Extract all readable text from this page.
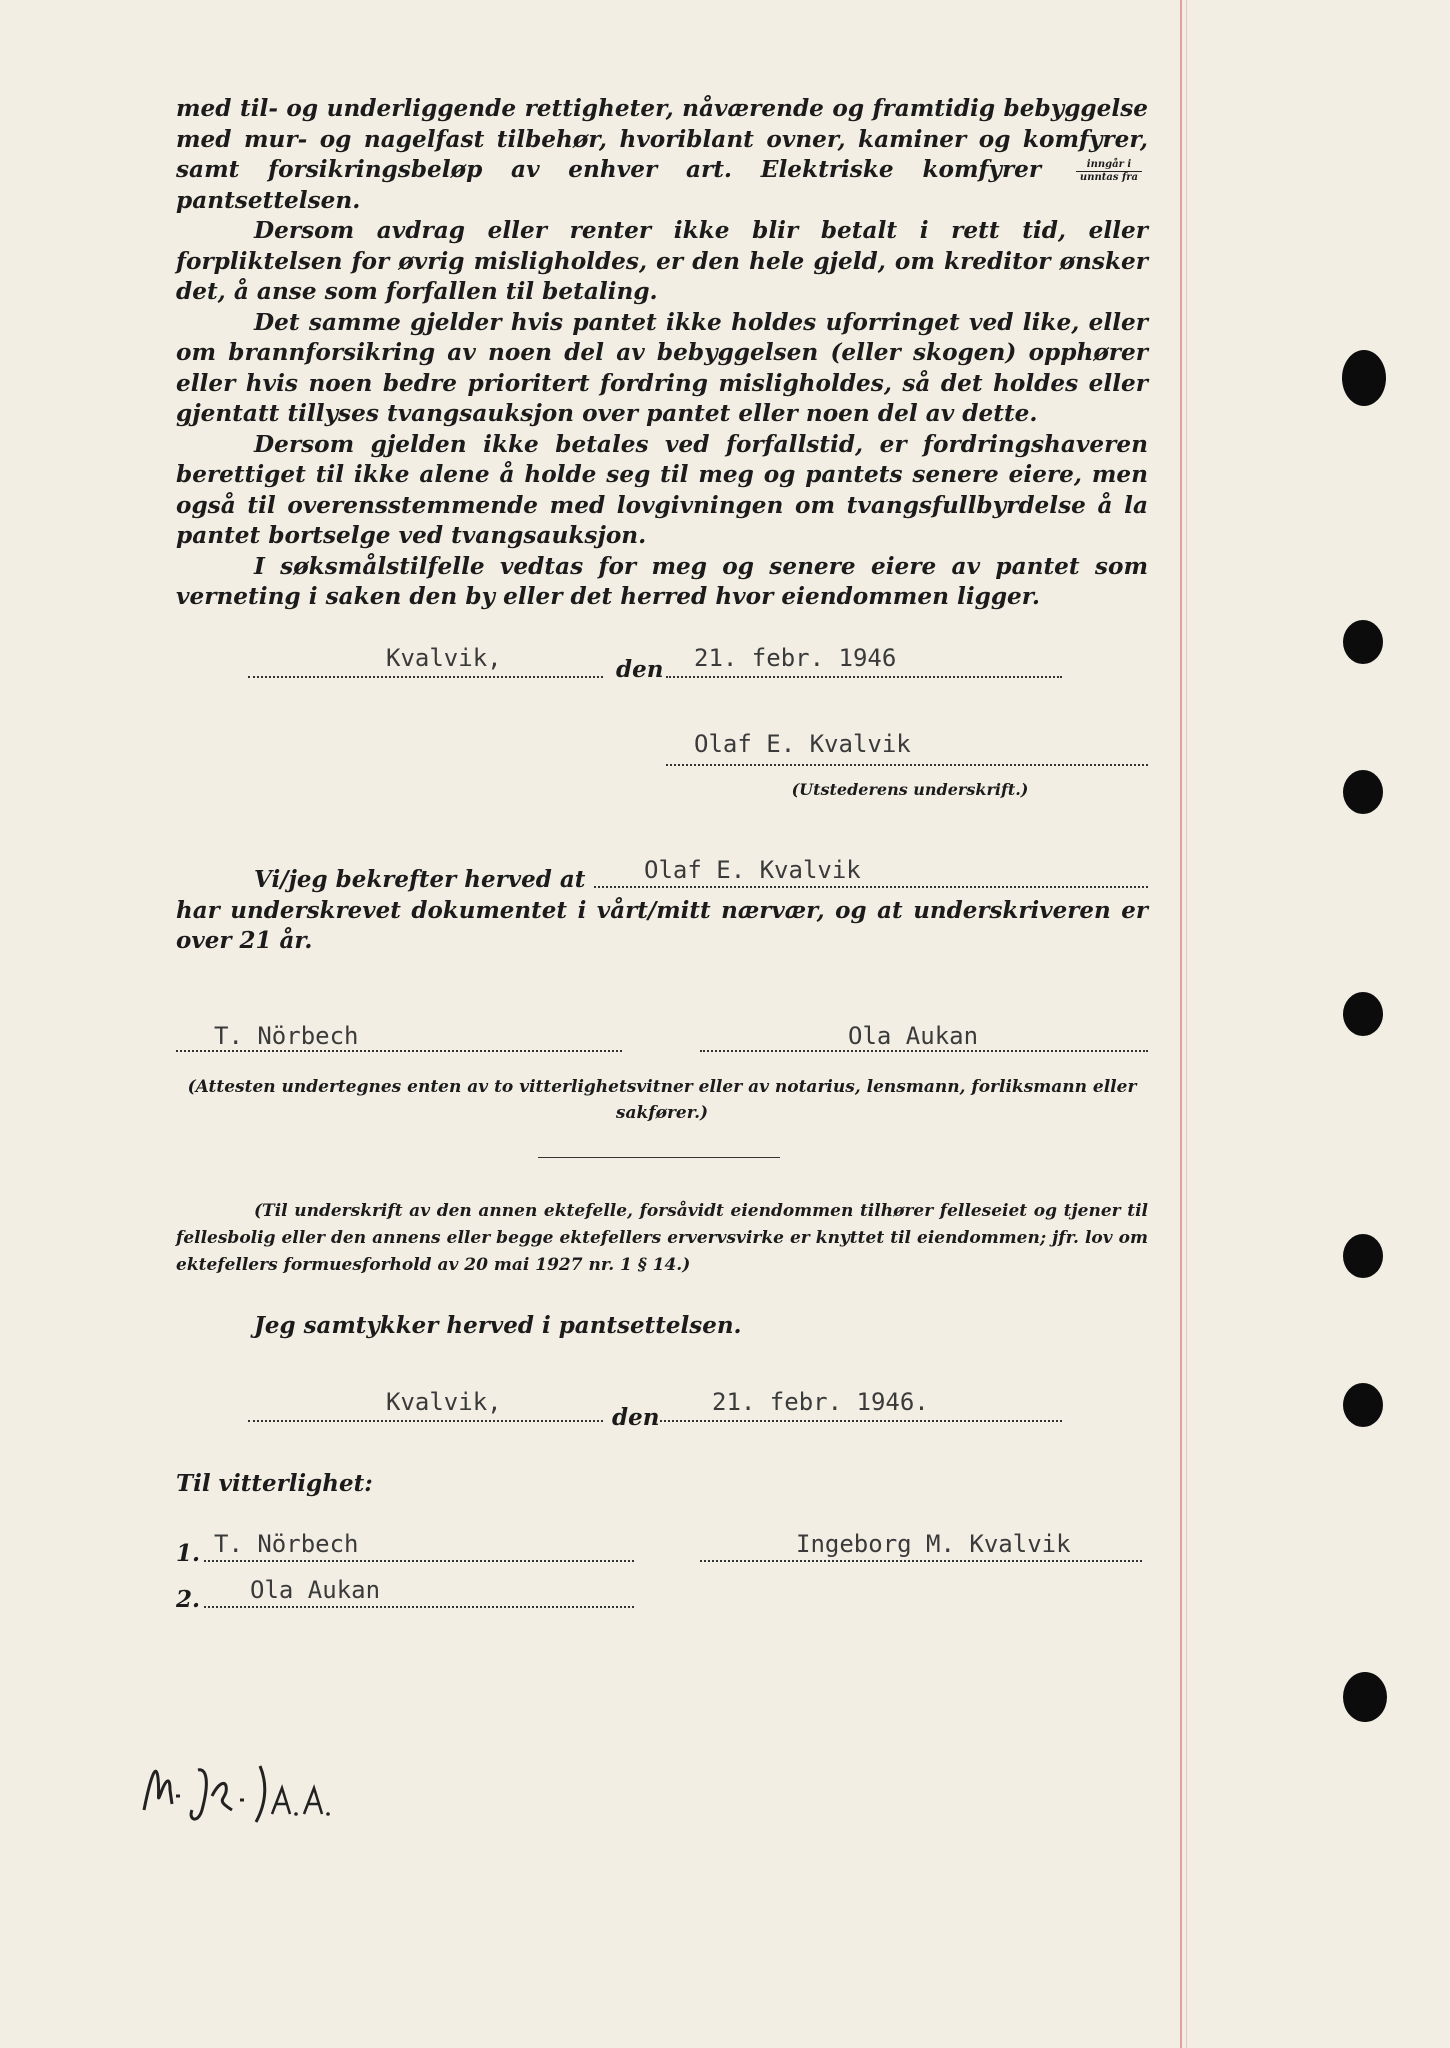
med til- og underliggende rettigheter, nåværende og framtidig bebyggelse med mur- og nagelfast tilbehør, hvoriblant ovner, kaminer og komfyrer, samt forsikringsbeløp av enhver art. Elektriske komfyrer	$\frac{\text{inngår i}}{\text{unntas fra}}$
pantsettelsen.

Dersom avdrag eller renter ikke blir betalt i rett tid, eller forpliktelsen for øvrig misligholdes, er den hele gjeld, om kreditor ønsker det, å anse som forfallen til betaling.

Det samme gjelder hvis pantet ikke holdes uforringet ved like, eller om brannforsikring av noen del av bebyggelsen (eller skogen) opphører eller hvis noen bedre prioritert fordring misligholdes, så det holdes eller gjentatt tillyses tvangsauksjon over pantet eller noen del av dette.

Dersom gjelden ikke betales ved forfallstid, er fordringshaveren berettiget til ikke alene å holde seg til meg og pantets senere eiere, men også til overensstemmende med lovgivningen om tvangsfullbyrdelse å la pantet bortselge ved tvangsauksjon.

I søksmålstilfelle vedtas for meg og senere eiere av pantet som verneting i saken den by eller det herred hvor eiendommen ligger.

Kvalvik,	den 21. febr. 1946
Olaf E. Kvalvik
(Utstederens underskrift.)
Vi/jeg bekrefter herved at Olaf E. Kvalvik
har underskrevet dokumentet i vårt/mitt nærvær, og at underskriveren er over 21 år.
T. Nörbech	Ola Aukan
(Attesten undertegnes enten av to vitterlighetsvitner eller av notarius, lensmann, forliksmann eller sakfører.)

(Til underskrift av den annen ektefelle, forsåvidt eiendommen tilhører felleseiet og tjener til fellesbolig eller den annens eller begge ektefellers ervervsvirke er knyttet til eiendommen; jfr. lov om ektefellers formuesforhold av 20 mai 1927 nr. 1 § 14.)

Jeg samtykker herved i pantsettelsen.
Kvalvik,
den
21. febr. 1946.
Til vitterlighet:
1. T. Nörbech	Ingeborg M. Kvalvik
2. Ola Aukan
